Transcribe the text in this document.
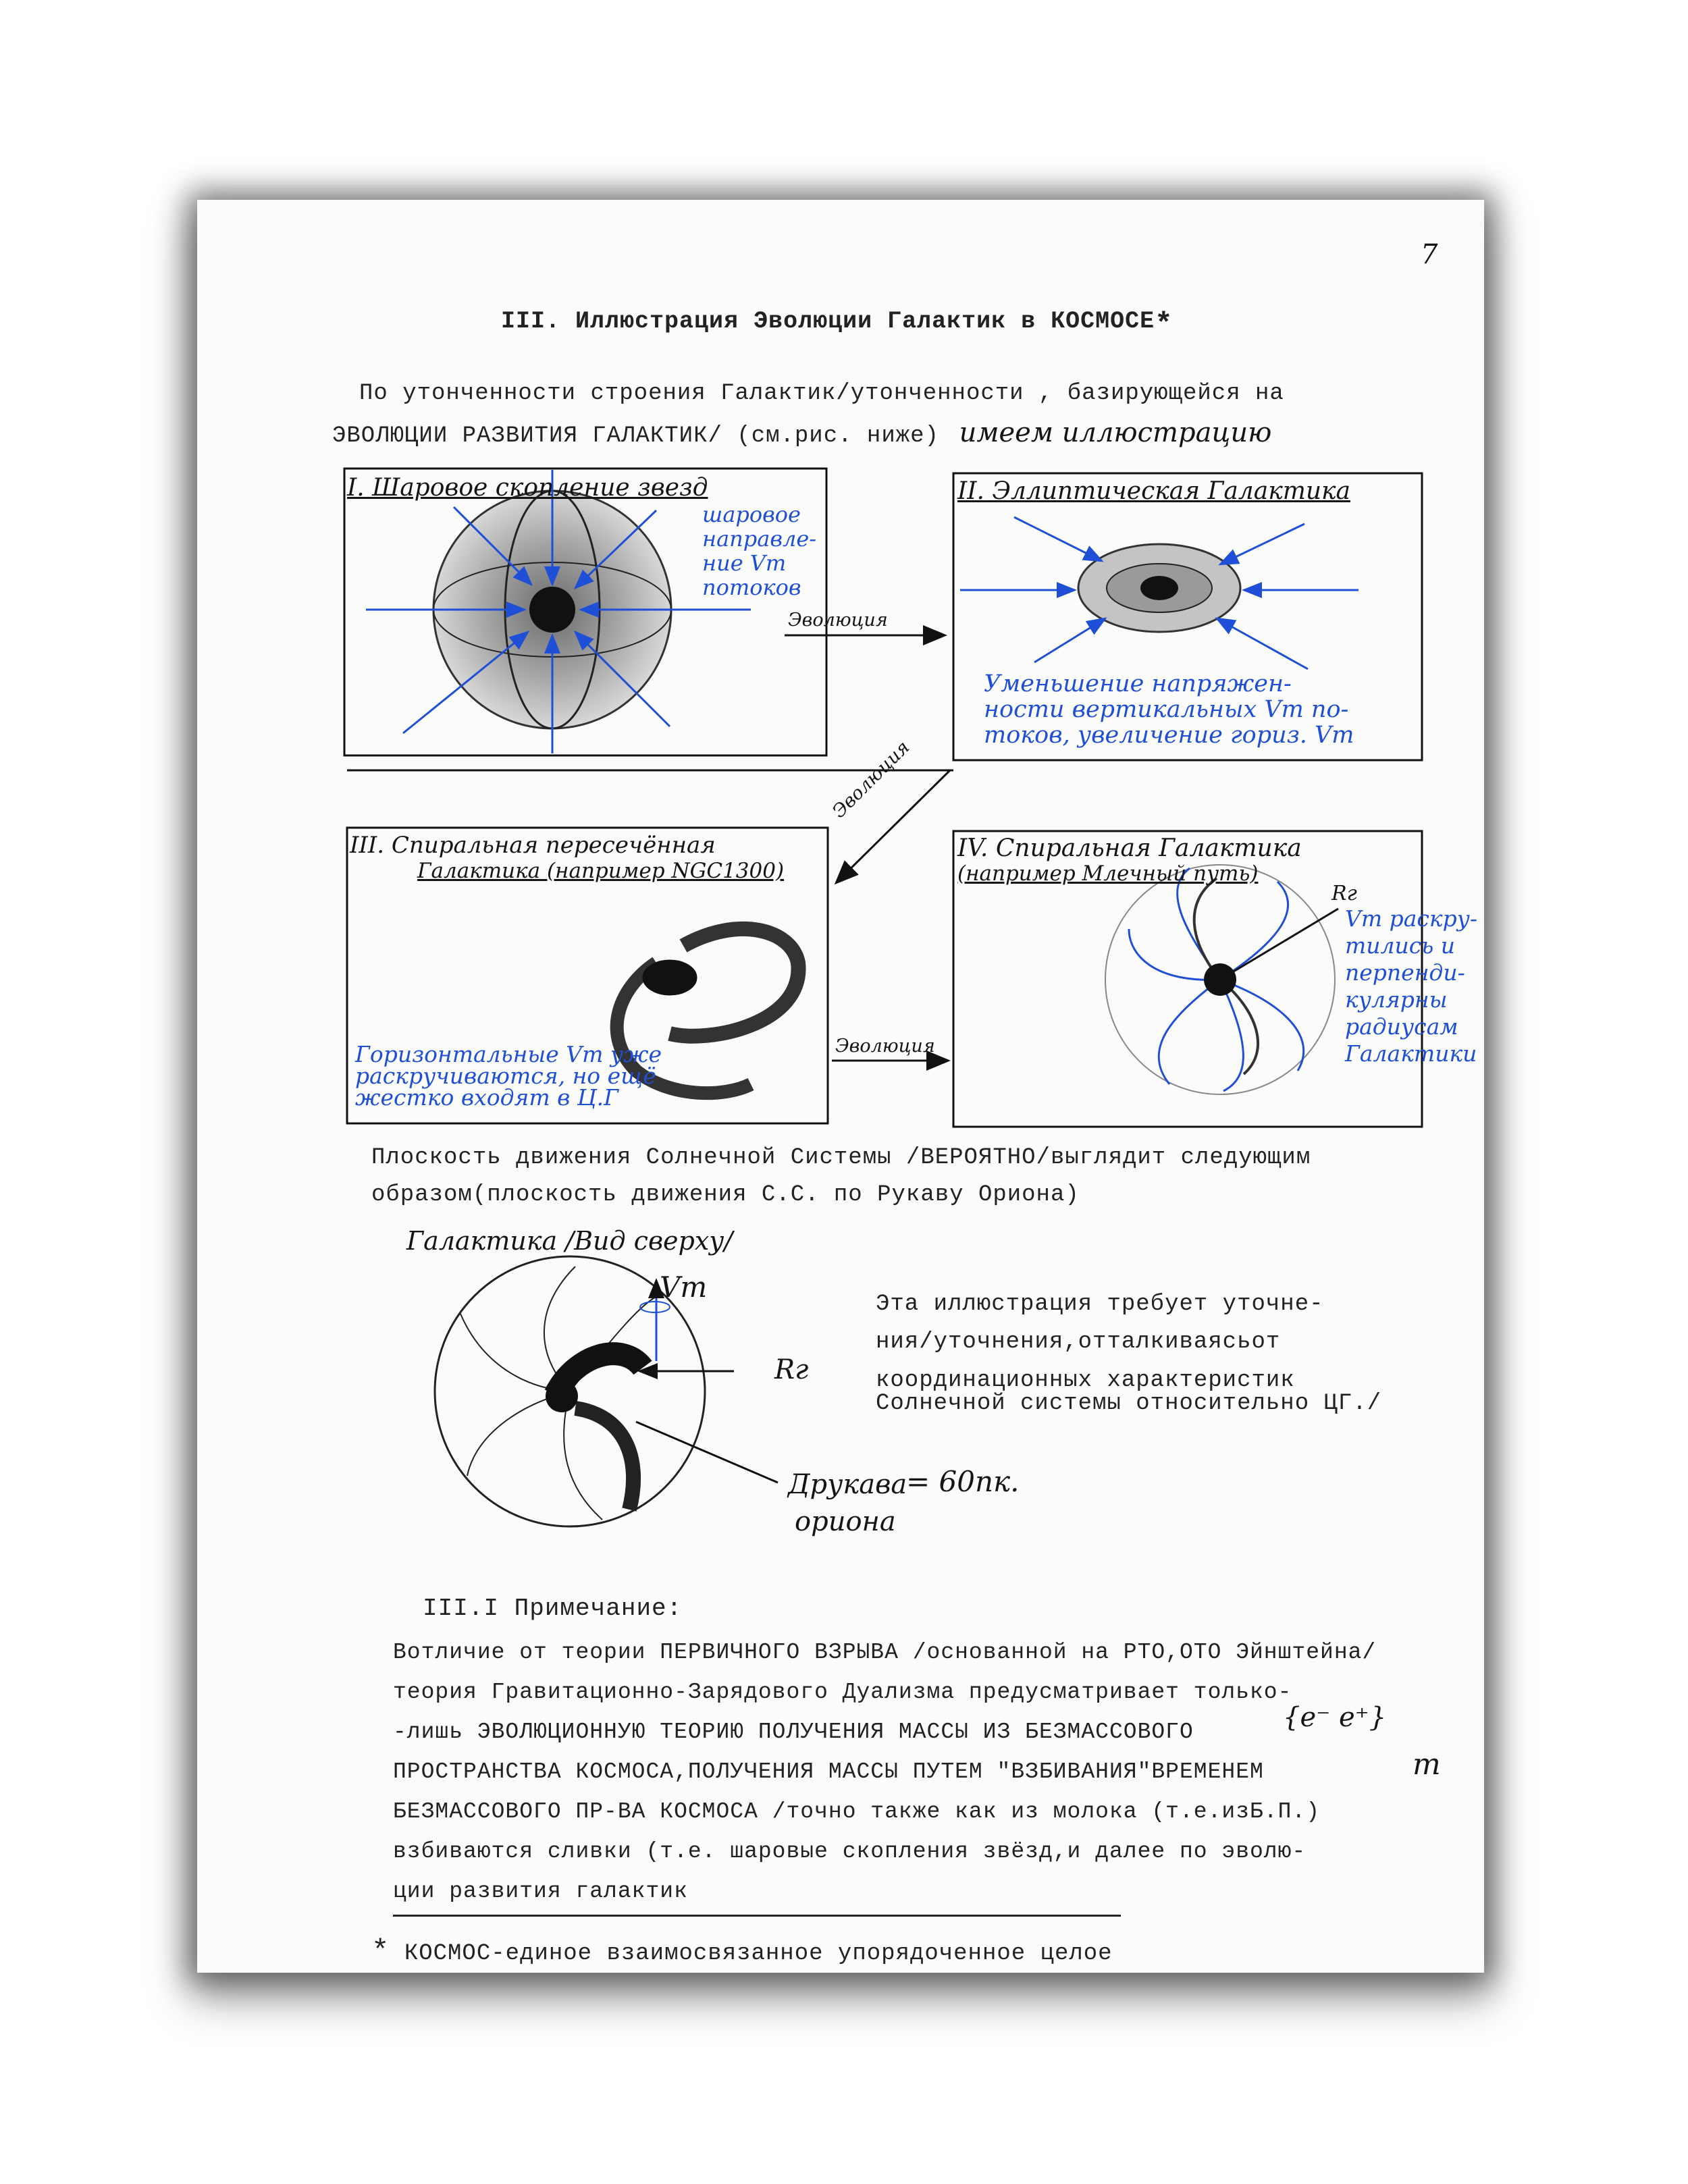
7
III. Иллюстрация Эволюции Галактик в КОСМОСЕ*
По утонченности строения Галактик/утонченности , базирующейся на
ЭВОЛЮЦИИ РАЗВИТИЯ ГАЛАКТИК/ (см.рис. ниже) имеем иллюстрацию
I. Шаровое скопление звезд
шаровое
направле-
ние Vт
потоков
II. Эллиптическая Галактика
Уменьшение напряжен-
ности вертикальных Vт по-
токов, увеличение гориз. Vт
III. Спиральная пересечённая
Галактика (например NGC1300)
Горизонтальные Vт уже
раскручиваются, но ещё
жестко входят в Ц.Г
IV. Спиральная Галактика
(например Млечный путь)
Rг
Vт раскру-
тились и
перпенди-
кулярны
радиусам
Галактики
Эволюция
Эволюция
Эволюция
Плоскость движения Солнечной Системы /ВЕРОЯТНО/выглядит следующим
образом(плоскость движения С.С. по Рукаву Ориона)
Галактика /Вид сверху/
Vт
Rг
Друкава
= 60пк.
ориона
Эта иллюстрация требует уточне-
ния/уточнения,отталкиваясьот
координационных характеристик
Солнечной системы относительно ЦГ./
III.I Примечание:
Вотличие от теории ПЕРВИЧНОГО ВЗРЫВА /основанной на РТО,ОТО Эйнштейна/
теория Гравитационно-Зарядового Дуализма предусматривает только-
-лишь ЭВОЛЮЦИОННУЮ ТЕОРИЮ ПОЛУЧЕНИЯ МАССЫ ИЗ БЕЗМАССОВОГО
ПРОСТРАНСТВА КОСМОСА,ПОЛУЧЕНИЯ МАССЫ ПУТЕМ "ВЗБИВАНИЯ"ВРЕМЕНЕМ
БЕЗМАССОВОГО ПР-ВА КОСМОСА /точно также как из молока (т.е.изБ.П.)
взбиваются сливки (т.е. шаровые скопления звёзд,и далее по эволю-
ции развития галактик
{e⁻ e⁺}
m
* КОСМОС-единое взаимосвязанное упорядоченное целое
